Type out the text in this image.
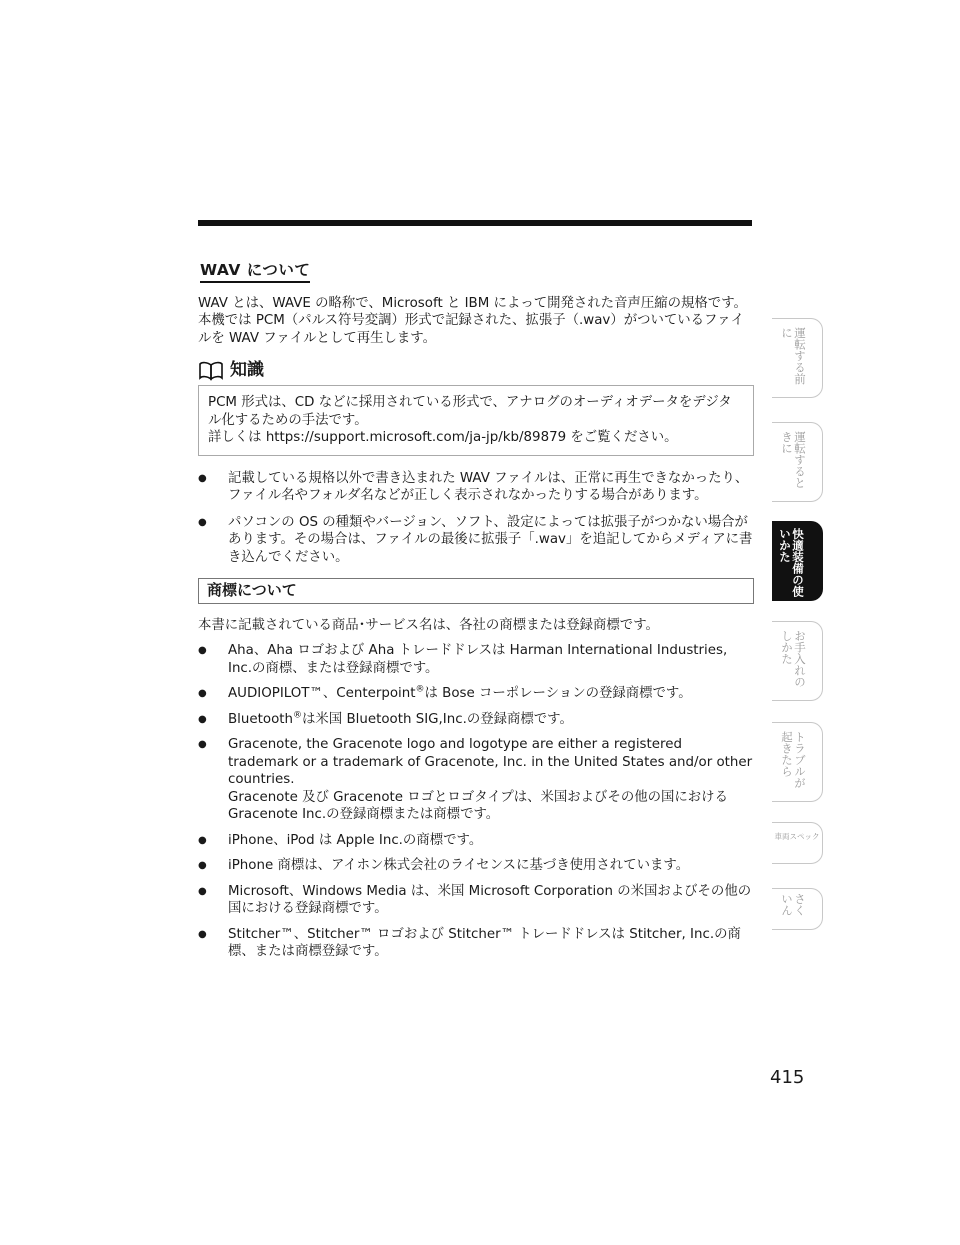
WAV について

WAV とは、WAVE の略称で、Microsoft と IBM によって開発された音声圧縮の規格です。

本機では PCM（パルス符号変調）形式で記録された、拡張子（.wav）がついているファイルを WAV ファイルとして再生します。

知識

PCM 形式は、CD などに採用されている形式で、アナログのオーディオデータをデジタル化するための手法です。

詳しくは https://support.microsoft.com/ja-jp/kb/89879 をご覧ください。

● 記載している規格以外で書き込まれた WAV ファイルは、正常に再生できなかったり、ファイル名やフォルダ名などが正しく表示されなかったりする場合があります。
● パソコンの OS の種類やバージョン、ソフト、設定によっては拡張子がつかない場合があります。その場合は、ファイルの最後に拡張子「.wav」を追記してからメディアに書き込んでください。
商標について

本書に記載されている商品･サービス名は、各社の商標または登録商標です。

● Aha、Aha ロゴおよび Aha トレードドレスは Harman International Industries, Inc.の商標、または登録商標です。
● AUDIOPILOT™、Centerpoint®は Bose コーポレーションの登録商標です。
● Bluetooth®は米国 Bluetooth SIG,Inc.の登録商標です。
● Gracenote, the Gracenote logo and logotype are either a registered trademark or a trademark of Gracenote, Inc. in the United States and/or other countries.
Gracenote 及び Gracenote ロゴとロゴタイプは、米国およびその他の国における Gracenote Inc.の登録商標または商標です。
● iPhone、iPod は Apple Inc.の商標です。
● iPhone 商標は、アイホン株式会社のライセンスに基づき使用されています。
● Microsoft、Windows Media は、米国 Microsoft Corporation の米国およびその他の国における登録商標です。
● Stitcher™、Stitcher™ ロゴおよび Stitcher™ トレードドレスは Stitcher, Inc.の商標、または商標登録です。
運転する前に
運転するときに
快適装備の使いかた
お手入れのしかた
トラブルが起きたら
車両スペック
さくいん
415
